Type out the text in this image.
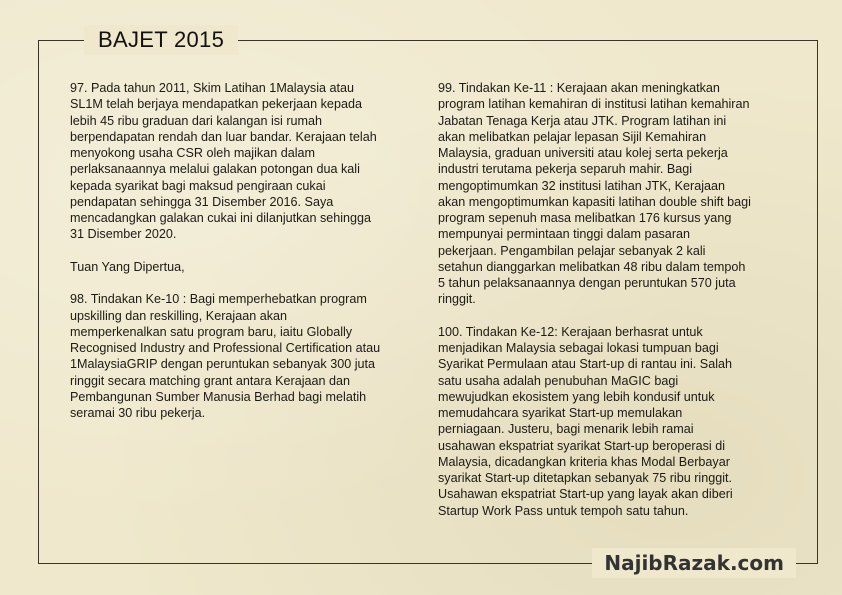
BAJET 2015

97. Pada tahun 2011, Skim Latihan 1Malaysia atau
SL1M telah berjaya mendapatkan pekerjaan kepada
lebih 45 ribu graduan dari kalangan isi rumah
berpendapatan rendah dan luar bandar. Kerajaan telah
menyokong usaha CSR oleh majikan dalam
perlaksanaannya melalui galakan potongan dua kali
kepada syarikat bagi maksud pengiraan cukai
pendapatan sehingga 31 Disember 2016. Saya
mencadangkan galakan cukai ini dilanjutkan sehingga
31 Disember 2020.

Tuan Yang Dipertua,

98. Tindakan Ke-10 : Bagi memperhebatkan program
upskilling dan reskilling, Kerajaan akan
memperkenalkan satu program baru, iaitu Globally
Recognised Industry and Professional Certification atau
1MalaysiaGRIP dengan peruntukan sebanyak 300 juta
ringgit secara matching grant antara Kerajaan dan
Pembangunan Sumber Manusia Berhad bagi melatih
seramai 30 ribu pekerja.

99. Tindakan Ke-11 : Kerajaan akan meningkatkan
program latihan kemahiran di institusi latihan kemahiran
Jabatan Tenaga Kerja atau JTK. Program latihan ini
akan melibatkan pelajar lepasan Sijil Kemahiran
Malaysia, graduan universiti atau kolej serta pekerja
industri terutama pekerja separuh mahir. Bagi
mengoptimumkan 32 institusi latihan JTK, Kerajaan
akan mengoptimumkan kapasiti latihan double shift bagi
program sepenuh masa melibatkan 176 kursus yang
mempunyai permintaan tinggi dalam pasaran
pekerjaan. Pengambilan pelajar sebanyak 2 kali
setahun dianggarkan melibatkan 48 ribu dalam tempoh
5 tahun pelaksanaannya dengan peruntukan 570 juta
ringgit.

100. Tindakan Ke-12: Kerajaan berhasrat untuk
menjadikan Malaysia sebagai lokasi tumpuan bagi
Syarikat Permulaan atau Start-up di rantau ini. Salah
satu usaha adalah penubuhan MaGIC bagi
mewujudkan ekosistem yang lebih kondusif untuk
memudahcara syarikat Start-up memulakan
perniagaan. Justeru, bagi menarik lebih ramai
usahawan ekspatriat syarikat Start-up beroperasi di
Malaysia, dicadangkan kriteria khas Modal Berbayar
syarikat Start-up ditetapkan sebanyak 75 ribu ringgit.
Usahawan ekspatriat Start-up yang layak akan diberi
Startup Work Pass untuk tempoh satu tahun.

NajibRazak.com
